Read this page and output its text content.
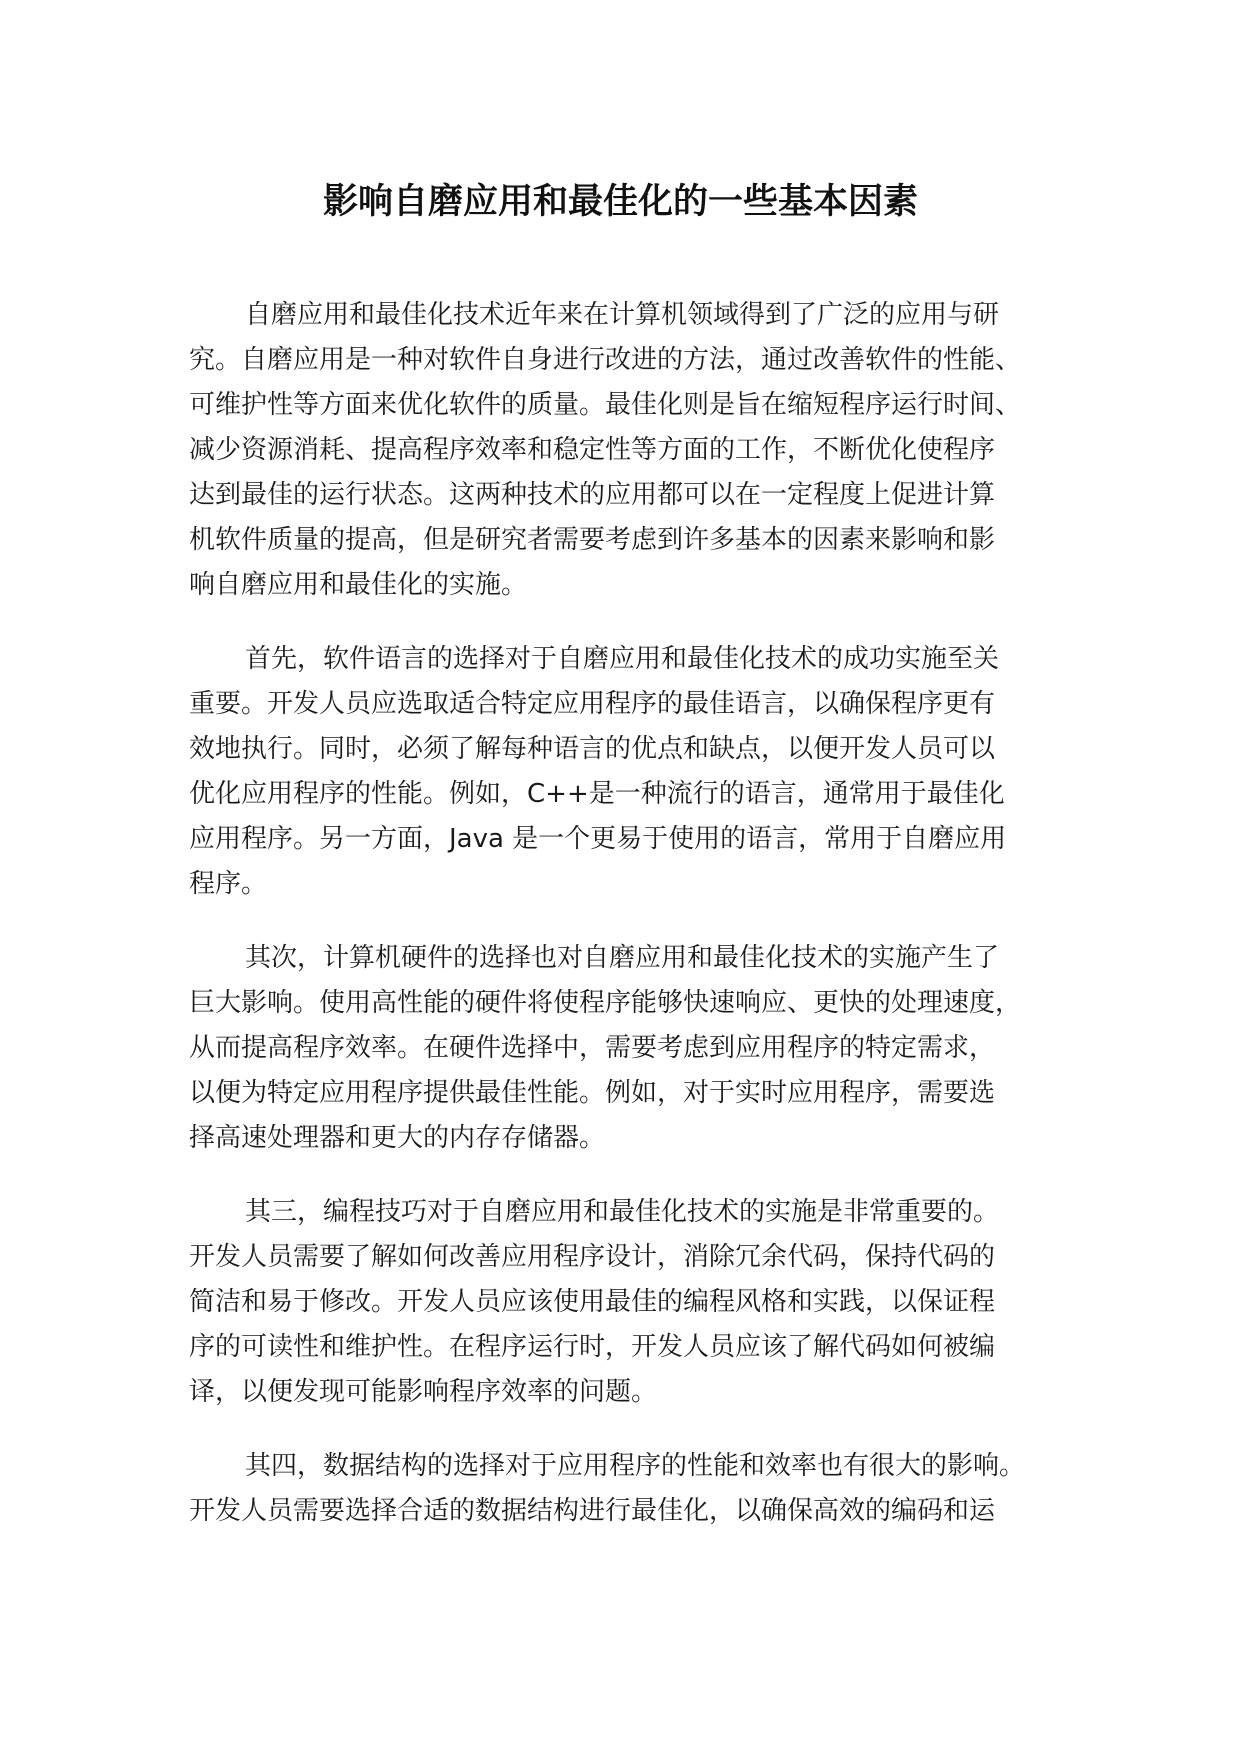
影响自磨应用和最佳化的一些基本因素
自磨应用和最佳化技术近年来在计算机领域得到了广泛的应用与研
究。自磨应用是一种对软件自身进行改进的方法，通过改善软件的性能、
可维护性等方面来优化软件的质量。最佳化则是旨在缩短程序运行时间、
减少资源消耗、提高程序效率和稳定性等方面的工作，不断优化使程序
达到最佳的运行状态。这两种技术的应用都可以在一定程度上促进计算
机软件质量的提高，但是研究者需要考虑到许多基本的因素来影响和影
响自磨应用和最佳化的实施。
首先，软件语言的选择对于自磨应用和最佳化技术的成功实施至关
重要。开发人员应选取适合特定应用程序的最佳语言，以确保程序更有
效地执行。同时，必须了解每种语言的优点和缺点，以便开发人员可以
优化应用程序的性能。例如，C++是一种流行的语言，通常用于最佳化
应用程序。另一方面，Java 是一个更易于使用的语言，常用于自磨应用
程序。
其次，计算机硬件的选择也对自磨应用和最佳化技术的实施产生了
巨大影响。使用高性能的硬件将使程序能够快速响应、更快的处理速度，
从而提高程序效率。在硬件选择中，需要考虑到应用程序的特定需求，
以便为特定应用程序提供最佳性能。例如，对于实时应用程序，需要选
择高速处理器和更大的内存存储器。
其三，编程技巧对于自磨应用和最佳化技术的实施是非常重要的。
开发人员需要了解如何改善应用程序设计，消除冗余代码，保持代码的
简洁和易于修改。开发人员应该使用最佳的编程风格和实践，以保证程
序的可读性和维护性。在程序运行时，开发人员应该了解代码如何被编
译，以便发现可能影响程序效率的问题。
其四，数据结构的选择对于应用程序的性能和效率也有很大的影响。
开发人员需要选择合适的数据结构进行最佳化，以确保高效的编码和运
